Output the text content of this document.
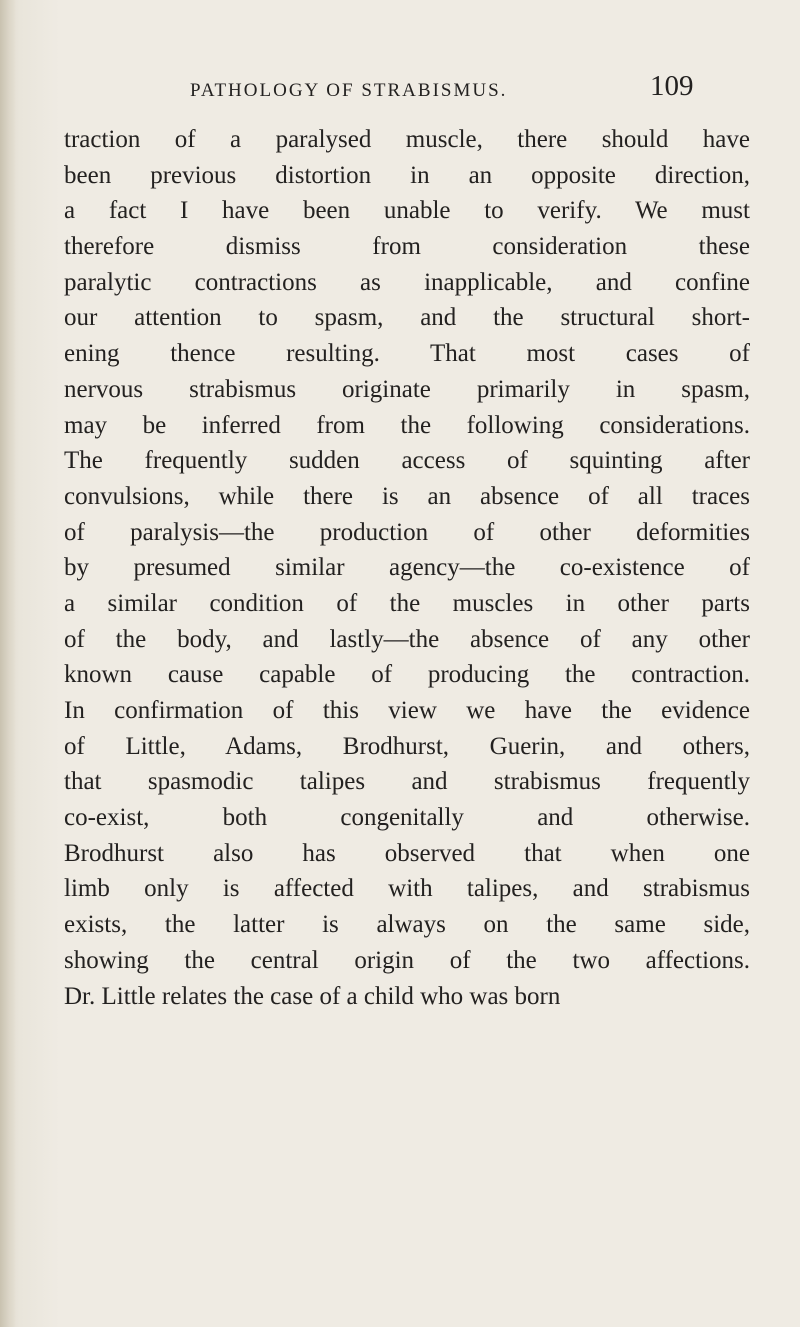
PATHOLOGY OF STRABISMUS.	109
traction of a paralysed muscle, there should have
been previous distortion in an opposite direction,
a fact I have been unable to verify. We must
therefore dismiss from consideration these
paralytic contractions as inapplicable, and confine
our attention to spasm, and the structural short-
ening thence resulting. That most cases of
nervous strabismus originate primarily in spasm,
may be inferred from the following considerations.
The frequently sudden access of squinting after
convulsions, while there is an absence of all traces
of paralysis—the production of other deformities
by presumed similar agency—the co-existence of
a similar condition of the muscles in other parts
of the body, and lastly—the absence of any other
known cause capable of producing the contraction.
In confirmation of this view we have the evidence
of Little, Adams, Brodhurst, Guerin, and others,
that spasmodic talipes and strabismus frequently
co-exist, both congenitally and otherwise.
Brodhurst also has observed that when one
limb only is affected with talipes, and strabismus
exists, the latter is always on the same side,
showing the central origin of the two affections.
Dr. Little relates the case of a child who was born
